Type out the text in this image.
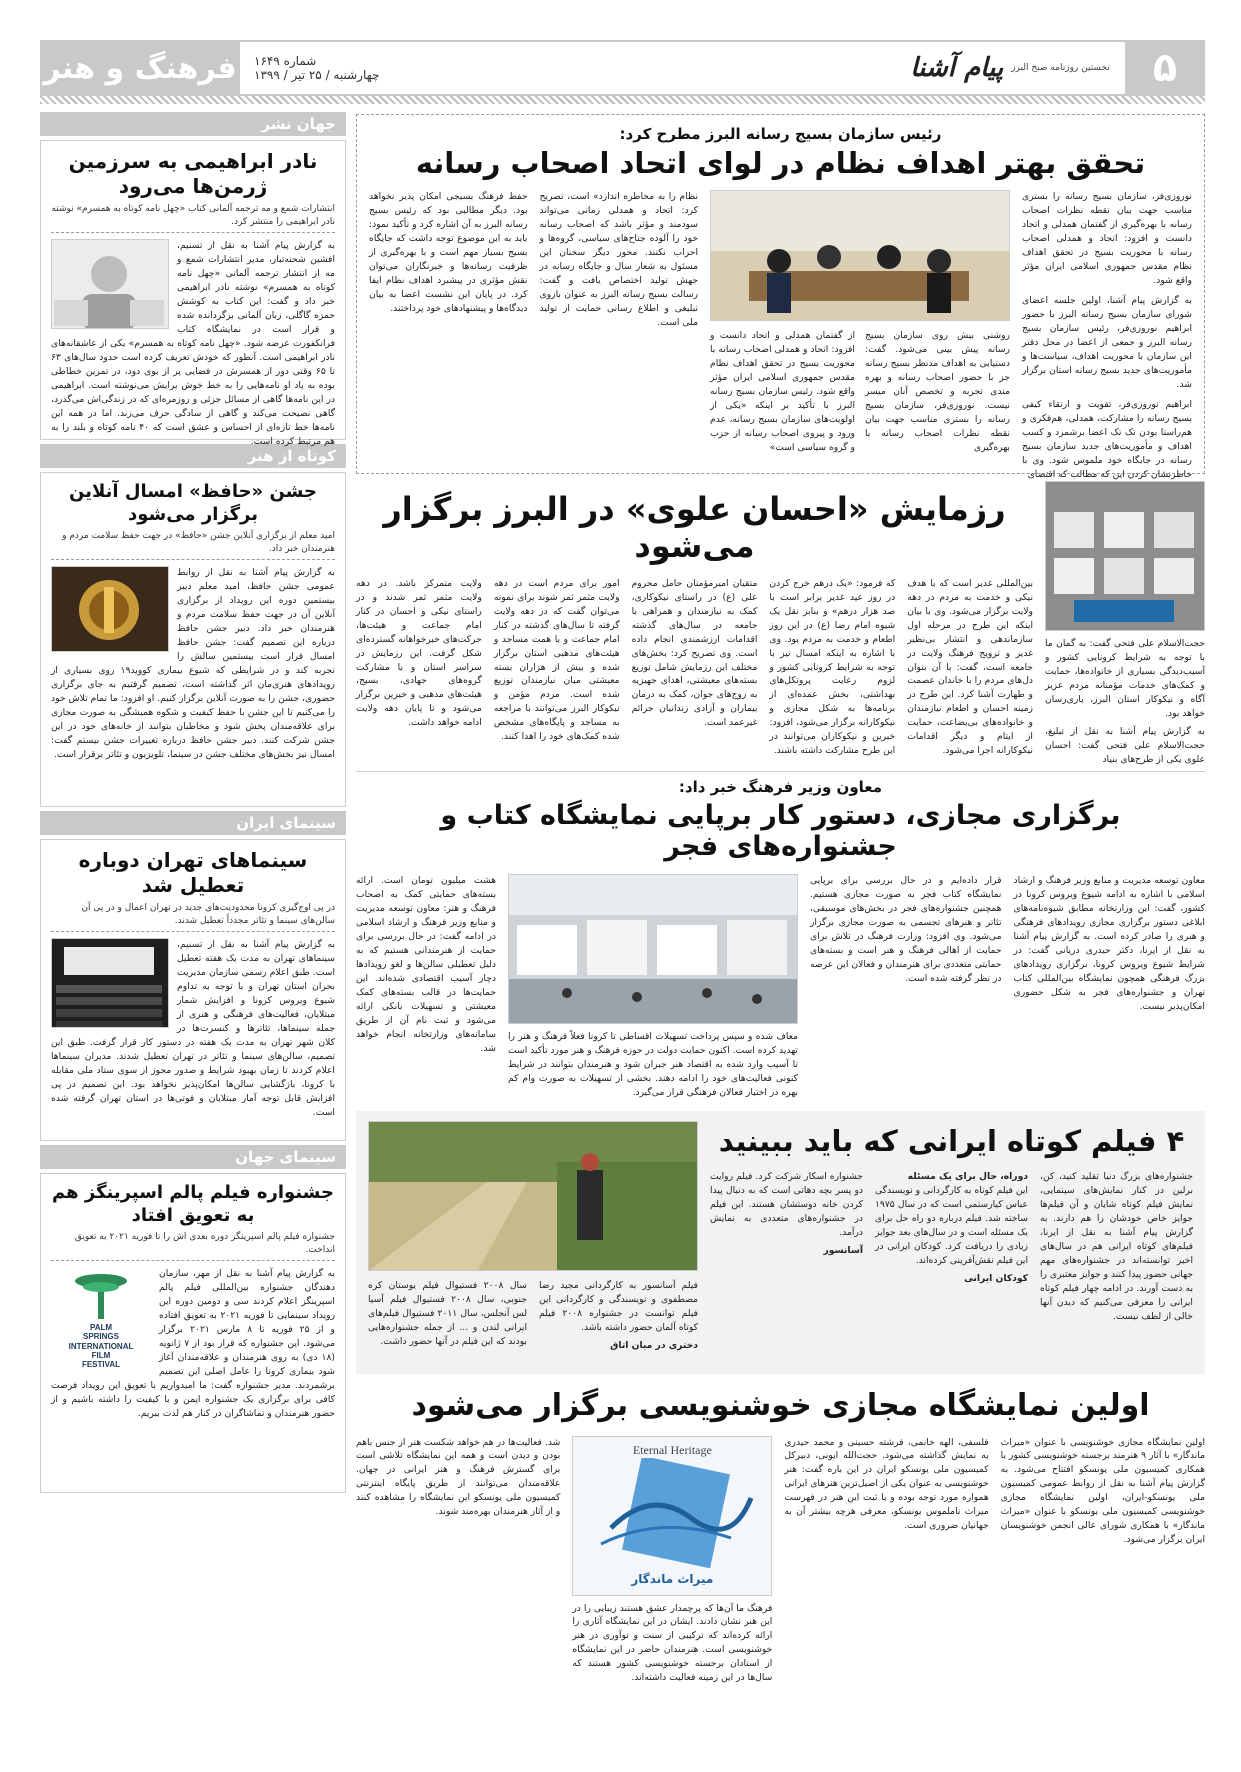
۵
نخستین روزنامه صبح البرز
پیام آشنا
شماره ۱۶۴۹
چهارشنبه / ۲۵ تیر / ۱۳۹۹
فرهنگ و هنر
جهان نشر
نادر ابراهیمی به سرزمین ژرمن‌ها می‌رود
انتشارات شمع و مه ترجمه آلمانی کتاب «چهل نامه کوتاه به همسرم» نوشته نادر ابراهیمی را منتشر کرد.
به گزارش پیام آشنا به نقل از تسنیم، افشین شحنه‌تبار، مدیر انتشارات شمع و مه از انتشار ترجمه آلمانی «چهل نامه کوتاه به همسرم» نوشته نادر ابراهیمی خبر داد و گفت: این کتاب به کوشش حمزه گاگلی، زبان آلمانی برگردانده شده و قرار است در نمایشگاه کتاب فرانکفورت عرضه شود. «چهل نامه کوتاه به همسرم» یکی از عاشقانه‌های نادر ابراهیمی است. آنطور که خودش تعریف کرده است حدود سال‌های ۶۳ تا ۶۵ وقتی دور از همسرش در فضایی پر از بوی دود، در تمرین خطاطی بوده به یاد او نامه‌هایی را به خط خوش برایش می‌نوشته است. ابراهیمی در این نامه‌ها گاهی از مسائل جزئی و روزمره‌ای که در زندگی‌اش می‌گذرد، گاهی نصیحت می‌کند و گاهی از سادگی حرف می‌زند. اما در همه این نامه‌ها خط تازه‌ای از احساس و عشق است که ۴۰ نامه کوتاه و بلند را به هم مرتبط کرده است.
کوتاه از هنر
جشن «حافظ» امسال آنلاین برگزار می‌شود
امید معلم از برگزاری آنلاین جشن «حافظ» در جهت حفظ سلامت مردم و هنرمندان خبر داد.
به گزارش پیام آشنا به نقل از روابط عمومی جشن حافظ، امید معلم دبیر بیستمین دوره این رویداد از برگزاری آنلاین آن در جهت حفظ سلامت مردم و هنرمندان خبر داد. دبیر جشن حافظ درباره این تصمیم گفت: جشن حافظ امسال قرار است بیستمین سالش را تجربه کند و در شرایطی که شیوع بیماری کووید۱۹ روی بسیاری از رویدادهای هنری‌مان اثر گذاشته است، تصمیم گرفتیم به جای برگزاری حضوری، جشن را به صورت آنلاین برگزار کنیم. او افزود: ما تمام تلاش خود را می‌کنیم تا این جشن با حفظ کیفیت و شکوه همیشگی به صورت مجازی برای علاقه‌مندان پخش شود و مخاطبان بتوانند از خانه‌های خود در این جشن شرکت کنند. دبیر جشن حافظ درباره تغییرات جشن بیستم گفت: امسال نیز بخش‌های مختلف جشن در سینما، تلویزیون و تئاتر برقرار است.
سینمای ایران
سینماهای تهران دوباره تعطیل شد
در پی اوج‌گیری کرونا محدودیت‌های جدید در تهران اعمال و در پی آن سالن‌های سینما و تئاتر مجدداً تعطیل شدند.
به گزارش پیام آشنا به نقل از تسنیم، سینماهای تهران به مدت یک هفته تعطیل است. طبق اعلام رسمی سازمان مدیریت بحران استان تهران و با توجه به تداوم شیوع ویروس کرونا و افزایش شمار مبتلایان، فعالیت‌های فرهنگی و هنری از جمله سینماها، تئاترها و کنسرت‌ها در کلان شهر تهران به مدت یک هفته در دستور کار قرار گرفت. طبق این تصمیم، سالن‌های سینما و تئاتر در تهران تعطیل شدند. مدیران سینماها اعلام کردند تا زمان بهبود شرایط و صدور مجوز از سوی ستاد ملی مقابله با کرونا، بازگشایی سالن‌ها امکان‌پذیر نخواهد بود. این تصمیم در پی افزایش قابل توجه آمار مبتلایان و فوتی‌ها در استان تهران گرفته شده است.
سینمای جهان
جشنواره فیلم پالم اسپرینگز هم به تعویق افتاد
جشنواره فیلم پالم اسپرینگز دوره بعدی اش را تا فوریه ۲۰۲۱ به تعویق انداخت.
PALM
SPRINGS
INTERNATIONAL
FILM
FESTIVAL
به گزارش پیام آشنا به نقل از مهر، سازمان دهندگان جشنواره بین‌المللی فیلم پالم اسپرینگز اعلام کردند سی و دومین دوره این رویداد سینمایی تا فوریه ۲۰۲۱ به تعویق افتاده و از ۲۵ فوریه تا ۸ مارس ۲۰۲۱ برگزار می‌شود. این جشنواره که قرار بود از ۷ ژانویه (۱۸ دی) به روی هنرمندان و علاقه‌مندان آغاز شود بیماری کرونا را عامل اصلی این تصمیم برشمردند. مدیر جشنواره گفت: ما امیدواریم با تعویق این رویداد فرصت کافی برای برگزاری یک جشنواره ایمن و با کیفیت را داشته باشیم و از حضور هنرمندان و تماشاگران در کنار هم لذت ببریم.
رئیس سازمان بسیج رسانه البرز مطرح کرد:
تحقق بهتر اهداف نظام در لوای اتحاد اصحاب رسانه
نوروزی‌فر، سازمان بسیج رسانه را بستری مناسب جهت بیان نقطه نظرات اصحاب رسانه با بهره‌گیری از گفتمان همدلی و اتحاد دانست و افزود: اتحاد و همدلی اصحاب رسانه با محوریت بسیج در تحقق اهداف نظام مقدس جمهوری اسلامی ایران مؤثر واقع شود.
به گزارش پیام آشنا، اولین جلسه اعضای شورای سازمان بسیج رسانه البرز با حضور ابراهیم نوروزی‌فر، رئیس سازمان بسیج رسانه البرز و جمعی از اعضا در محل دفتر این سازمان با محوریت اهداف، سیاست‌ها و مأموریت‌های جدید بسیج رسانه استان برگزار شد.
ابراهیم نوروزی‌فر، تقویت و ارتقاء کیفی بسیج رسانه را مشارکت، همدلی، هم‌فکری و هم‌راستا بودن تک تک اعضا برشمرد و کسب اهداف و مأموریت‌های جدید سازمان بسیج رسانه در جایگاه خود ملموس شود. وی با خاطرنشان کردن این که مطالب که اقتضای
روشنی بیش روی سازمان بسیج رسانه پیش بینی می‌شود. گفت: دستیابی به اهداف مدنظر بسیج رسانه جز با حضور اصحاب رسانه و بهره مندی تجربه و تخصص آنان میسر نیست. نوروزی‌فر، سازمان بسیج رسانه را بستری مناسب جهت بیان نقطه نظرات اصحاب رسانه با بهره‌گیری
از گفتمان همدلی و اتحاد دانست و افزود: اتحاد و همدلی اصحاب رسانه با محوریت بسیج در تحقق اهداف نظام مقدس جمهوری اسلامی ایران مؤثر واقع شود. رئیس سازمان بسیج رسانه البرز با تأکید بر اینکه «یکی از اولویت‌های سازمان بسیج رسانه، عدم ورود و پیروی اصحاب رسانه از حزب و گروه سیاسی است»
نظام را به مخاطره اندازد» است، تصریح کرد: اتحاد و همدلی زمانی می‌تواند سودمند و مؤثر باشد که اصحاب رسانه خود را آلوده جناح‌های سیاسی، گروه‌ها و احزاب نکنند. محور دیگر سخنان این مسئول به شعار سال و جایگاه رسانه در جهش تولید اختصاص یافت و گفت: رسالت بسیج رسانه البرز به عنوان بازوی تبلیغی و اطلاع رسانی حمایت از تولید ملی است.
حفظ فرهنگ بسیجی امکان پذیر نخواهد بود. دیگر مطالبی بود که رئیس بسیج رسانه البرز به آن اشاره کرد و تأکید نمود: باید به این موضوع توجه داشت که جایگاه بسیج بسیار مهم است و با بهره‌گیری از ظرفیت رسانه‌ها و خبرنگاران می‌توان نقش مؤثری در پیشبرد اهداف نظام ایفا کرد. در پایان این نشست اعضا به بیان دیدگاه‌ها و پیشنهادهای خود پرداختند.
حجت‌الاسلام علی فتحی گفت: به گمان ما با توجه به شرایط کرونایی کشور و آسیب‌دیدگی بسیاری از خانواده‌ها، حمایت و کمک‌های خدمات مؤمنانه مردم عزیز آگاه و نیکوکار استان البرز، یاری‌رسان خواهد بود.
به گزارش پیام آشنا به نقل از تبلیغ، حجت‌الاسلام علی فتحی گفت: احسان علوی یکی از طرح‌های بنیاد
رزمایش «احسان علوی» در البرز برگزار می‌شود
بین‌المللی غدیر است که با هدف نیکی و خدمت به مردم در دهه ولایت برگزار می‌شود. وی با بیان اینکه این طرح در مرحله اول سازماندهی و انتشار بی‌نظیر غدیر و ترویج فرهنگ ولایت در جامعه است، گفت: با آن بتوان دل‌های مردم را با خاندان عصمت و طهارت آشنا کرد. این طرح در زمینه احسان و اطعام نیازمندان و خانواده‌های بی‌بضاعت، حمایت از ایتام و دیگر اقدامات نیکوکارانه اجرا می‌شود.
که فرمود: «یک درهم خرج کردن در روز عید غدیر برابر است با صد هزار درهم» و بنابر نقل یک شیوه امام رضا (ع) در این روز اطعام و خدمت به مردم بود. وی با اشاره به اینکه امسال نیز با توجه به شرایط کرونایی کشور و لزوم رعایت پروتکل‌های بهداشتی، بخش عمده‌ای از برنامه‌ها به شکل مجازی و نیکوکارانه برگزار می‌شود، افزود: خیرین و نیکوکاران می‌توانند در این طرح مشارکت داشته باشند.
متقیان امیرمؤمنان حامل محروم علی (ع) در راستای نیکوکاری، کمک به نیازمندان و همراهی با جامعه در سال‌های گذشته اقدامات ارزشمندی انجام داده است. وی تصریح کرد: بخش‌های مختلف این رزمایش شامل توزیع بسته‌های معیشتی، اهدای جهیزیه به زوج‌های جوان، کمک به درمان بیماران و آزادی زندانیان جرائم غیرعمد است.
امور برای مردم است در دهه ولایت مثمر ثمر شوند برای نمونه می‌توان گفت که در دهه ولایت گرفته تا سال‌های گذشته در کنار امام جماعت و با همت مساجد و هیئت‌های مذهبی استان برگزار شده و بیش از هزاران بسته معیشتی میان نیازمندان توزیع شده است. مردم مؤمن و نیکوکار البرز می‌توانند با مراجعه به مساجد و پایگاه‌های مشخص شده کمک‌های خود را اهدا کنند.
ولایت متمرکز باشد. در دهه ولایت مثمر ثمر شدند و در راستای نیکی و احسان در کنار امام جماعت و هیئت‌ها، حرکت‌های خیرخواهانه گسترده‌ای شکل گرفت. این رزمایش در سراسر استان و با مشارکت گروه‌های جهادی، بسیج، هیئت‌های مذهبی و خیرین برگزار می‌شود و تا پایان دهه ولایت ادامه خواهد داشت.
معاون وزیر فرهنگ خبر داد:
برگزاری مجازی، دستور کار برپایی نمایشگاه کتاب و جشنواره‌های فجر
معاون توسعه مدیریت و منابع وزیر فرهنگ و ارشاد اسلامی با اشاره به ادامه شیوع ویروس کرونا در کشور، گفت: این وزارتخانه مطابق شیوه‌نامه‌های ابلاغی دستور برگزاری مجازی رویدادهای فرهنگی و هنری را صادر کرده است. به گزارش پیام آشنا به نقل از ایرنا، دکتر حیدری دریانی گفت: در شرایط شیوع ویروس کرونا، برگزاری رویدادهای بزرگ فرهنگی همچون نمایشگاه بین‌المللی کتاب تهران و جشنواره‌های فجر به شکل حضوری امکان‌پذیر نیست.
قرار داده‌ایم و در حال بررسی برای برپایی نمایشگاه کتاب فجر به صورت مجازی هستیم. همچنین جشنواره‌های فجر در بخش‌های موسیقی، تئاتر و هنرهای تجسمی به صورت مجازی برگزار می‌شود. وی افزود: وزارت فرهنگ در تلاش برای حمایت از اهالی فرهنگ و هنر است و بسته‌های حمایتی متعددی برای هنرمندان و فعالان این عرصه در نظر گرفته شده است.
معاف شده و سپس پرداخت تسهیلات اقساطی تا کرونا فعلاً فرهنگ و هنر را تهدید کرده است. اکنون حمایت دولت در حوزه فرهنگ و هنر مورد تأکید است تا آسیب وارد شده به اقتصاد هنر جبران شود و هنرمندان بتوانند در شرایط کنونی فعالیت‌های خود را ادامه دهند. بخشی از تسهیلات به صورت وام کم بهره در اختیار فعالان فرهنگی قرار می‌گیرد.
هشت میلیون تومان است. ارائه بسته‌های حمایتی کمک به اصحاب فرهنگ و هنر: معاون توسعه مدیریت و منابع وزیر فرهنگ و ارشاد اسلامی در ادامه گفت: در حال بررسی برای حمایت از هنرمندانی هستیم که به دلیل تعطیلی سالن‌ها و لغو رویدادها دچار آسیب اقتصادی شده‌اند. این حمایت‌ها در قالب بسته‌های کمک معیشتی و تسهیلات بانکی ارائه می‌شود و ثبت نام آن از طریق سامانه‌های وزارتخانه انجام خواهد شد.
۴ فیلم کوتاه ایرانی که باید ببینید
جشنواره‌های بزرگ دنیا تقلید کنید، کن، برلین در کنار نمایش‌های سینمایی، نمایش فیلم کوتاه شایان و آن فیلم‌ها جوایز خاص خودشان را هم دارند. به گزارش پیام آشنا به نقل از ایرنا، فیلم‌های کوتاه ایرانی هم در سال‌های اخیر توانسته‌اند در جشنواره‌های مهم جهانی حضور پیدا کنند و جوایز معتبری را به دست آورند. در ادامه چهار فیلم کوتاه ایرانی را معرفی می‌کنیم که دیدن آنها خالی از لطف نیست.
دوراه، حال برای یک مسئله
این فیلم کوتاه به کارگردانی و نویسندگی عباس کیارستمی است که در سال ۱۹۷۵ ساخته شد. فیلم درباره دو راه حل برای یک مسئله است و در سال‌های بعد جوایز زیادی را دریافت کرد. کودکان ایرانی در این فیلم نقش‌آفرینی کرده‌اند.
کودکان ایرانی
جشنواره اسکار شرکت کرد. فیلم روایت دو پسر بچه دهاتی است که به دنبال پیدا کردن خانه دوستشان هستند. این فیلم در جشنواره‌های متعددی به نمایش درآمد.
آسانسور
فیلم آسانسور به کارگردانی مجید رضا مصطفوی و نویسندگی و کارگردانی این فیلم توانست در جشنواره ۲۰۰۸ فیلم کوتاه آلمان حضور داشته باشد.
دختری در میان اتاق
سال ۲۰۰۸ فستیوال فیلم یوستان کره جنوبی، سال ۲۰۰۸ فستیوال فیلم آسیا لس آنجلس، سال ۲۰۱۱ فستیوال فیلم‌های ایرانی لندن و ... از جمله جشنواره‌هایی بودند که این فیلم در آنها حضور داشت.
اولین نمایشگاه مجازی خوشنویسی برگزار می‌شود
اولین نمایشگاه مجازی خوشنویسی با عنوان «میراث ماندگار» با آثار ۹ هنرمند برجسته خوشنویسی کشور با همکاری کمیسیون ملی یونسکو افتتاح می‌شود. به گزارش پیام آشنا به نقل از روابط عمومی کمیسیون ملی یونسکو-ایران، اولین نمایشگاه مجازی خوشنویسی کمیسیون ملی یونسکو با عنوان «میراث ماندگار» با همکاری شورای عالی انجمن خوشنویسان ایران برگزار می‌شود.
فلسفی، الهه خانمی، فرشته حسینی و محمد حیدری به نمایش گذاشته می‌شود. حجت‌الله ایوبی، دبیرکل کمیسیون ملی یونسکو ایران در این باره گفت: هنر خوشنویسی به عنوان یکی از اصیل‌ترین هنرهای ایرانی همواره مورد توجه بوده و با ثبت این هنر در فهرست میراث ناملموس یونسکو، معرفی هرچه بیشتر آن به جهانیان ضروری است.
Eternal Heritage
میراث ماندگار
فرهنگ ما آن‌ها که پرچمدار عشق هستند زیبایی را در این هنر نشان دادند. ایشان در این نمایشگاه آثاری را ارائه کرده‌اند که ترکیبی از سنت و نوآوری در هنر خوشنویسی است. هنرمندان حاضر در این نمایشگاه از استادان برجسته خوشنویسی کشور هستند که سال‌ها در این زمینه فعالیت داشته‌اند.
شد. فعالیت‌ها در هم خواهد شکست هنر از جنس باهم بودن و دیدن است و همه این نمایشگاه تلاشی است برای گسترش فرهنگ و هنر ایرانی در جهان. علاقه‌مندان می‌توانند از طریق پایگاه اینترنتی کمیسیون ملی یونسکو این نمایشگاه را مشاهده کنند و از آثار هنرمندان بهره‌مند شوند.
